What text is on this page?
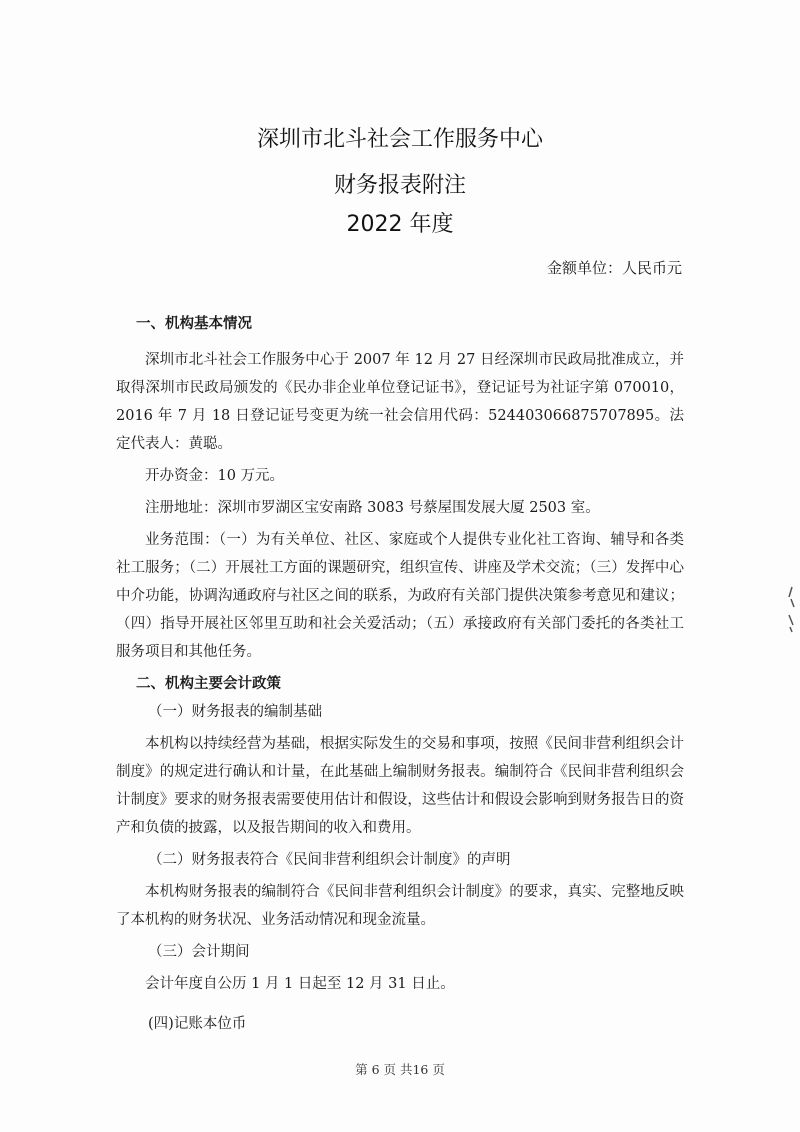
深圳市北斗社会工作服务中心
财务报表附注
2022 年度
金额单位：人民币元
一、机构基本情况
深圳市北斗社会工作服务中心于 2007 年 12 月 27 日经深圳市民政局批准成立，并取得深圳市民政局颁发的《民办非企业单位登记证书》，登记证号为社证字第 070010，2016 年 7 月 18 日登记证号变更为统一社会信用代码：524403066875707895。法定代表人：黄聪。
开办资金：10 万元。
注册地址：深圳市罗湖区宝安南路 3083 号蔡屋围发展大厦 2503 室。
业务范围：（一）为有关单位、社区、家庭或个人提供专业化社工咨询、辅导和各类社工服务；（二）开展社工方面的课题研究，组织宣传、讲座及学术交流；（三）发挥中心中介功能，协调沟通政府与社区之间的联系，为政府有关部门提供决策参考意见和建议；（四）指导开展社区邻里互助和社会关爱活动；（五）承接政府有关部门委托的各类社工服务项目和其他任务。
二、机构主要会计政策
（一）财务报表的编制基础
本机构以持续经营为基础，根据实际发生的交易和事项，按照《民间非营利组织会计制度》的规定进行确认和计量，在此基础上编制财务报表。编制符合《民间非营利组织会计制度》要求的财务报表需要使用估计和假设，这些估计和假设会影响到财务报告日的资产和负债的披露，以及报告期间的收入和费用。
（二）财务报表符合《民间非营利组织会计制度》的声明
本机构财务报表的编制符合《民间非营利组织会计制度》的要求，真实、完整地反映了本机构的财务状况、业务活动情况和现金流量。
（三）会计期间
会计年度自公历 1 月 1 日起至 12 月 31 日止。
(四)记账本位币
第 6 页 共16 页
